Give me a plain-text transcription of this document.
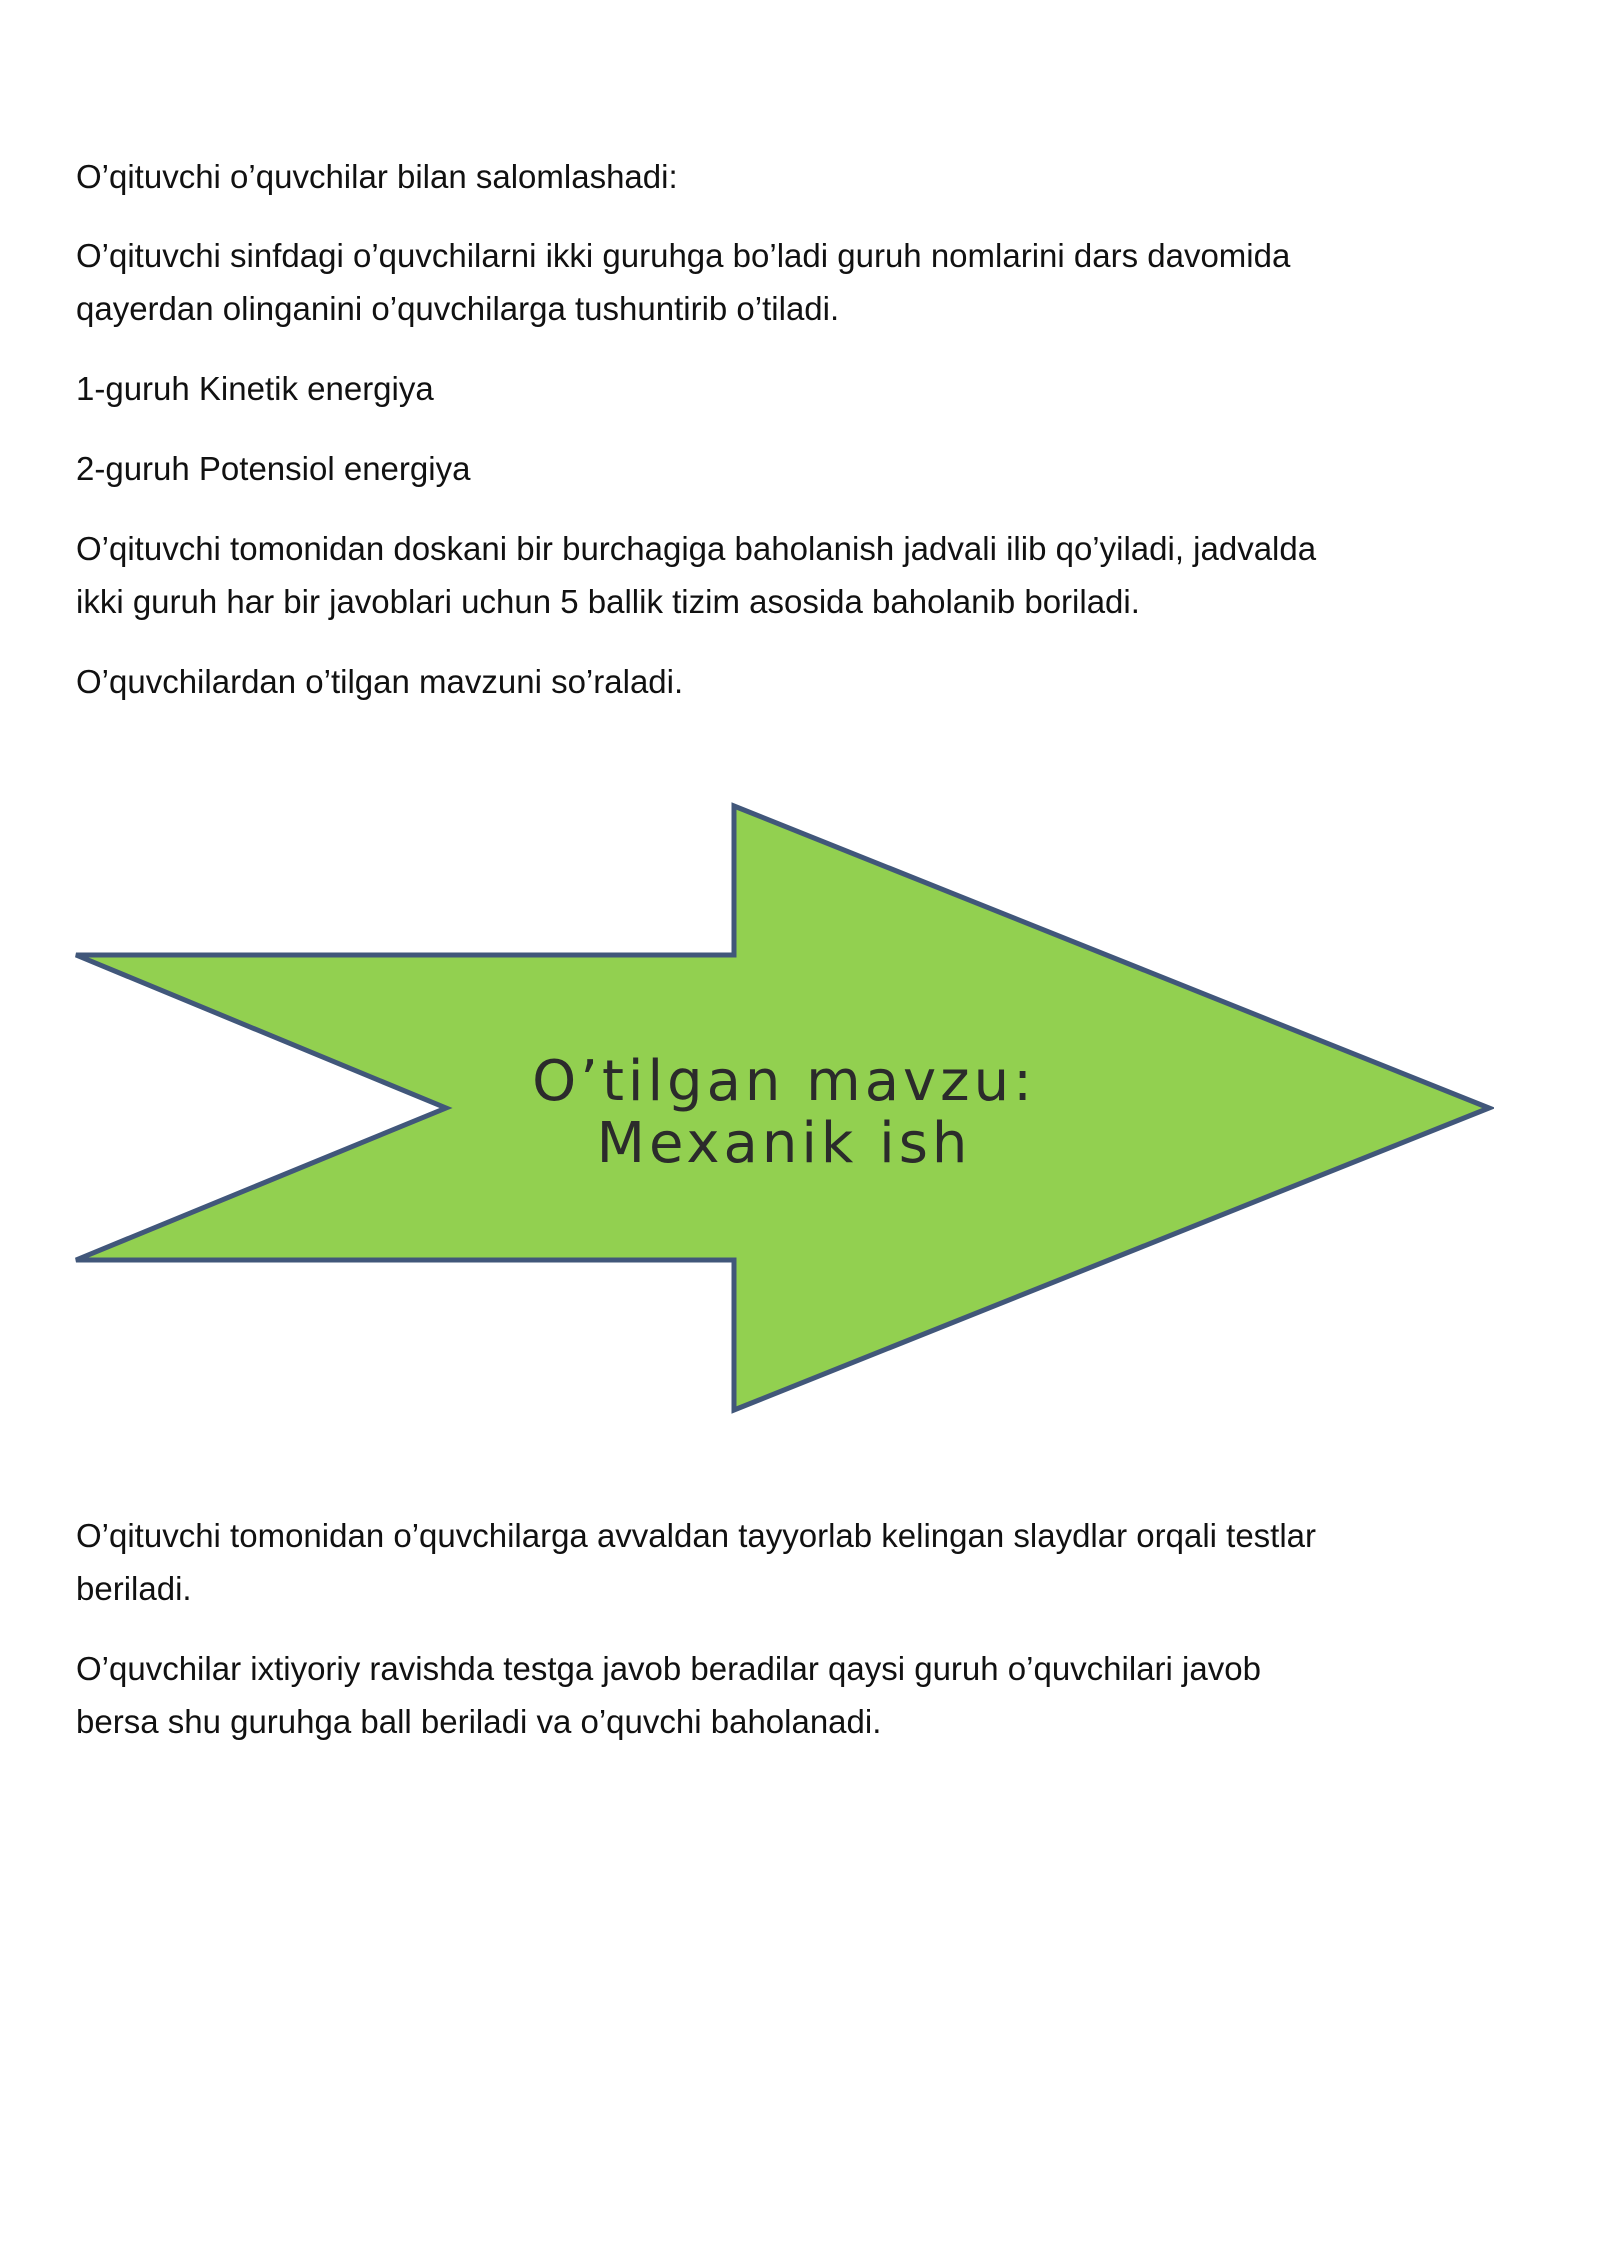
O’qituvchi o’quvchilar bilan salomlashadi:

O’qituvchi sinfdagi o’quvchilarni ikki guruhga bo’ladi guruh nomlarini dars davomida
qayerdan olinganini o’quvchilarga tushuntirib o’tiladi.

1-guruh Kinetik energiya

2-guruh Potensiol energiya

O’qituvchi tomonidan doskani bir burchagiga baholanish jadvali ilib qo’yiladi, jadvalda
ikki guruh har bir javoblari uchun 5 ballik tizim asosida baholanib boriladi.

O’quvchilardan o’tilgan mavzuni so’raladi.

O’tilgan mavzu:
Mexanik ish

O’qituvchi tomonidan o’quvchilarga avvaldan tayyorlab kelingan slaydlar orqali testlar
beriladi.

O’quvchilar ixtiyoriy ravishda testga javob beradilar qaysi guruh o’quvchilari javob
bersa shu guruhga ball beriladi va o’quvchi baholanadi.
